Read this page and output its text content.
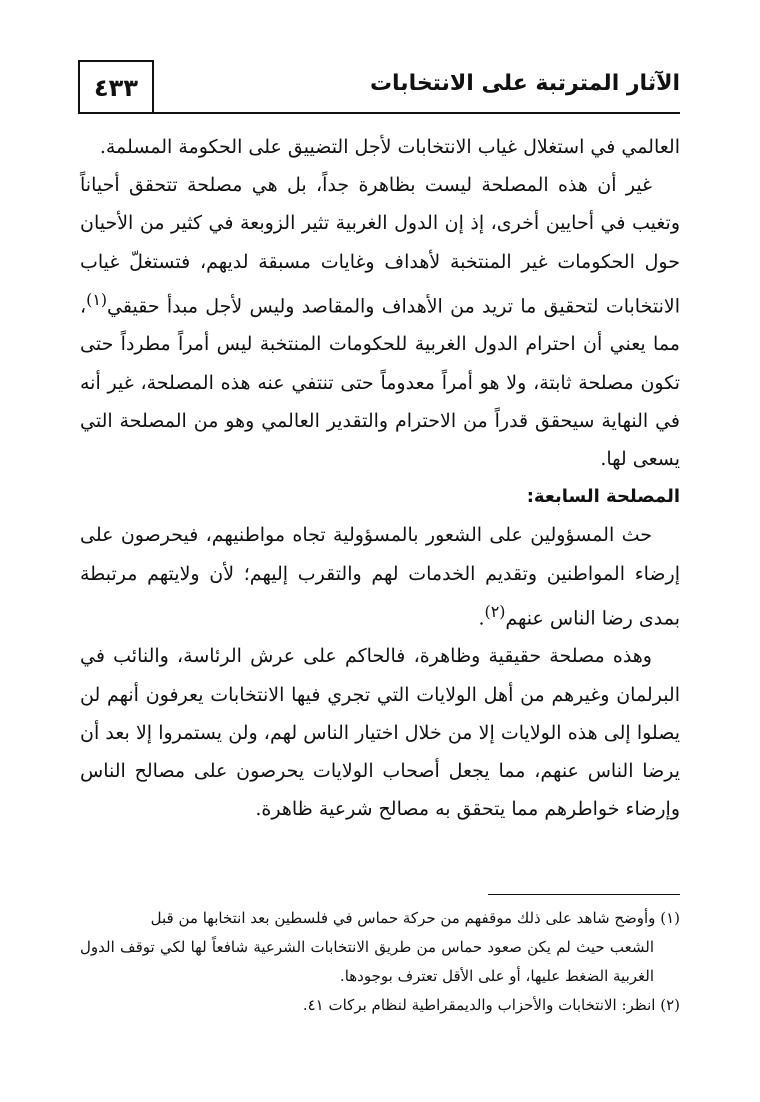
الآثار المترتبة على الانتخابات
٤٣٣

العالمي في استغلال غياب الانتخابات لأجل التضييق على الحكومة المسلمة.

غير أن هذه المصلحة ليست بظاهرة جداً، بل هي مصلحة تتحقق أحياناً وتغيب في أحايين أخرى، إذ إن الدول الغربية تثير الزوبعة في كثير من الأحيان حول الحكومات غير المنتخبة لأهداف وغايات مسبقة لديهم، فتستغلّ غياب الانتخابات لتحقيق ما تريد من الأهداف والمقاصد وليس لأجل مبدأ حقيقي$^{(١)}$، مما يعني أن احترام الدول الغربية للحكومات المنتخبة ليس أمراً مطرداً حتى تكون مصلحة ثابتة، ولا هو أمراً معدوماً حتى تنتفي عنه هذه المصلحة، غير أنه في النهاية سيحقق قدراً من الاحترام والتقدير العالمي وهو من المصلحة التي يسعى لها.

المصلحة السابعة:

حث المسؤولين على الشعور بالمسؤولية تجاه مواطنيهم، فيحرصون على إرضاء المواطنين وتقديم الخدمات لهم والتقرب إليهم؛ لأن ولايتهم مرتبطة بمدى رضا الناس عنهم$^{(٢)}$.

وهذه مصلحة حقيقية وظاهرة، فالحاكم على عرش الرئاسة، والنائب في البرلمان وغيرهم من أهل الولايات التي تجري فيها الانتخابات يعرفون أنهم لن يصلوا إلى هذه الولايات إلا من خلال اختيار الناس لهم، ولن يستمروا إلا بعد أن يرضا الناس عنهم، مما يجعل أصحاب الولايات يحرصون على مصالح الناس وإرضاء خواطرهم مما يتحقق به مصالح شرعية ظاهرة.

(١) وأوضح شاهد على ذلك موقفهم من حركة حماس في فلسطين بعد انتخابها من قبل

الشعب حيث لم يكن صعود حماس من طريق الانتخابات الشرعية شافعاً لها لكي توقف الدول الغربية الضغط عليها، أو على الأقل تعترف بوجودها.

(٢) انظر: الانتخابات والأحزاب والديمقراطية لنظام بركات ٤١.
